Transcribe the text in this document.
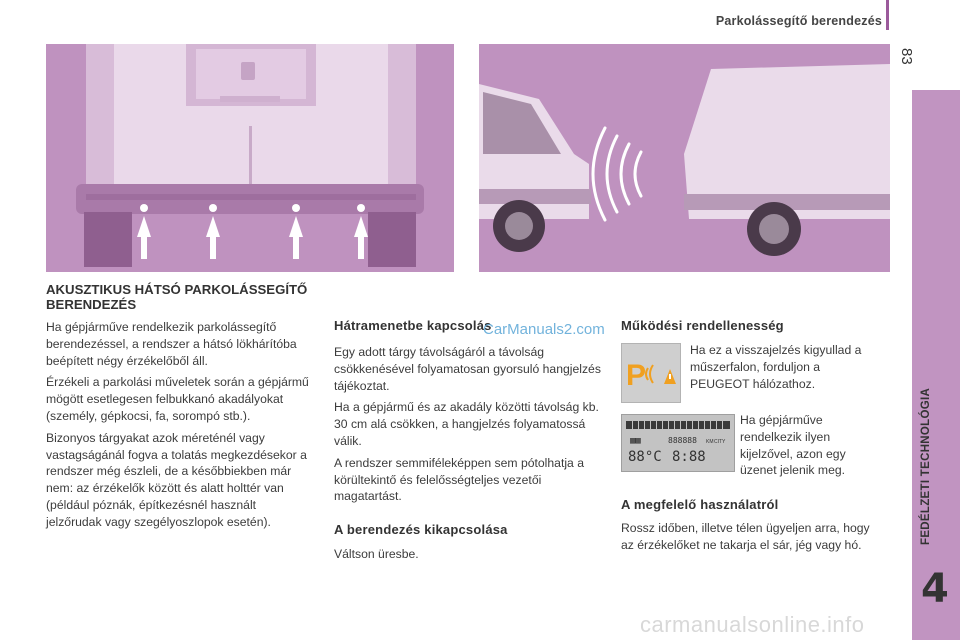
Parkolássegítő berendezés
83
FEDÉLZETI TECHNOLÓGIA
4
AKUSZTIKUS HÁTSÓ PARKOLÁSSEGÍTŐ BERENDEZÉS

Ha gépjárműve rendelkezik parkolássegítő berendezéssel, a rendszer a hátsó lökhárítóba beépített négy érzékelőből áll.

Érzékeli a parkolási műveletek során a gépjármű mögött esetlegesen felbukkanó akadályokat (személy, gépkocsi, fa, sorompó stb.).

Bizonyos tárgyakat azok méreténél vagy vastagságánál fogva a tolatás megkezdésekor a rendszer még észleli, de a későbbiekben már nem: az érzékelők között és alatt holttér van (például póznák, építkezésnél használt jelzőrudak vagy szegélyoszlopok esetén).

Hátramenetbe kapcsolás
CarManuals2.com

Egy adott tárgy távolságáról a távolság csökkenésével folyamatosan gyorsuló hangjelzés tájékoztat.

Ha a gépjármű és az akadály közötti távolság kb. 30 cm alá csökken, a hangjelzés folyamatossá válik.

A rendszer semmiféleképpen sem pótolhatja a körültekintő és felelősségteljes vezetői magatartást.

A berendezés kikapcsolása
Váltson üresbe.
Működési rendellenesség
P
Ha ez a visszajelzés kigyullad a műszerfalon, forduljon a PEUGEOT hálózathoz.
▦▦	888888 KM CITY
88°C 8:88
Ha gépjárműve rendelkezik ilyen kijelzővel, azon egy üzenet jelenik meg.
A megfelelő használatról
Rossz időben, illetve télen ügyeljen arra, hogy az érzékelőket ne takarja el sár, jég vagy hó.
carmanualsonline.info
